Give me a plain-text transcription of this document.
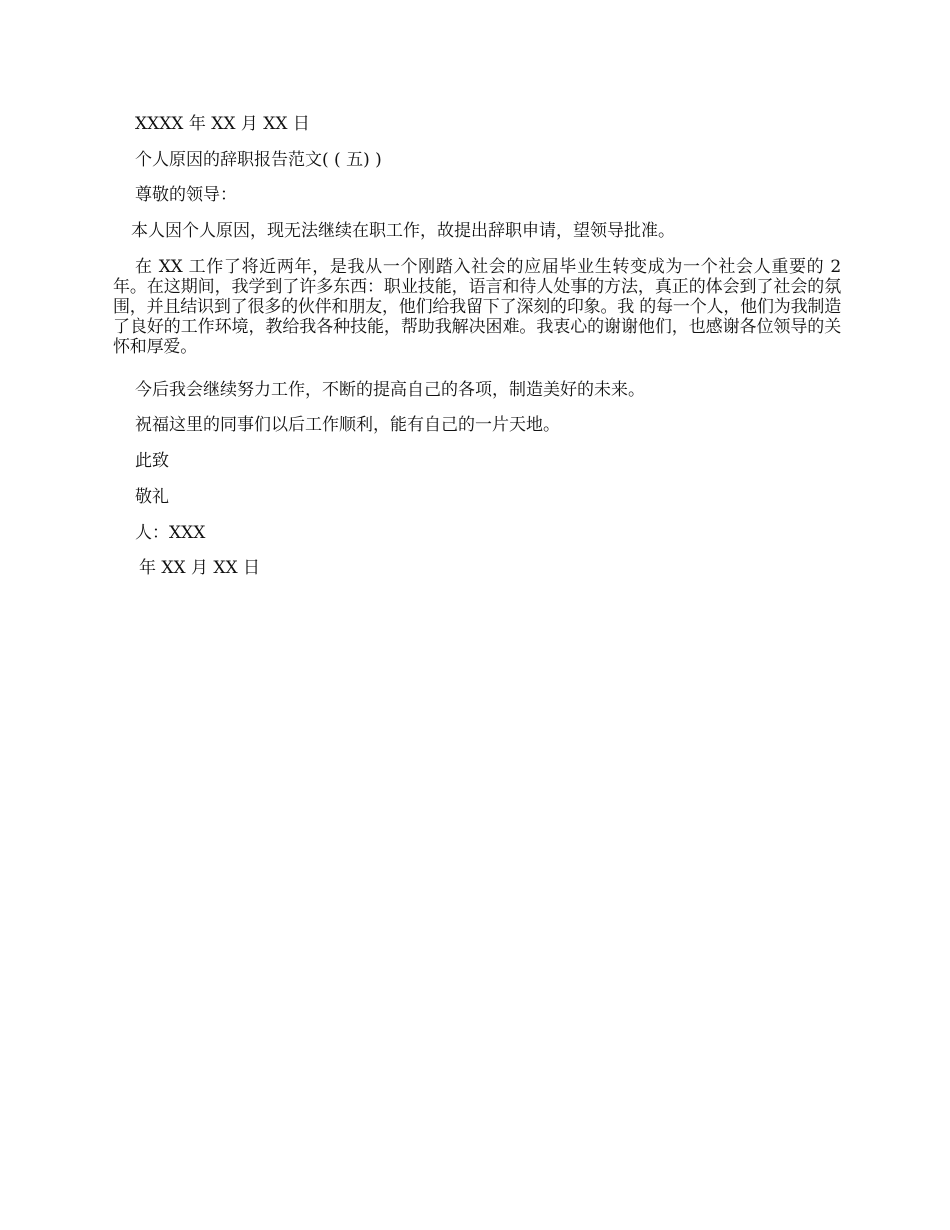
XXXX 年 XX 月 XX 日

个人原因的辞职报告范文( ( 五) )

尊敬的领导：

本人因个人原因，现无法继续在职工作，故提出辞职申请，望领导批准。

在 XX 工作了将近两年，是我从一个刚踏入社会的应届毕业生转变成为一个社会人重要的 2 年。在这期间，我学到了许多东西：职业技能，语言和待人处事的方法，真正的体会到了社会的氛围，并且结识到了很多的伙伴和朋友，他们给我留下了深刻的印象。我 的每一个人，他们为我制造了良好的工作环境，教给我各种技能，帮助我解决困难。我衷心的谢谢他们，也感谢各位领导的关怀和厚爱。

今后我会继续努力工作，不断的提高自己的各项，制造美好的未来。

祝福这里的同事们以后工作顺利，能有自己的一片天地。

此致

敬礼

人：XXX

年 XX 月 XX 日
